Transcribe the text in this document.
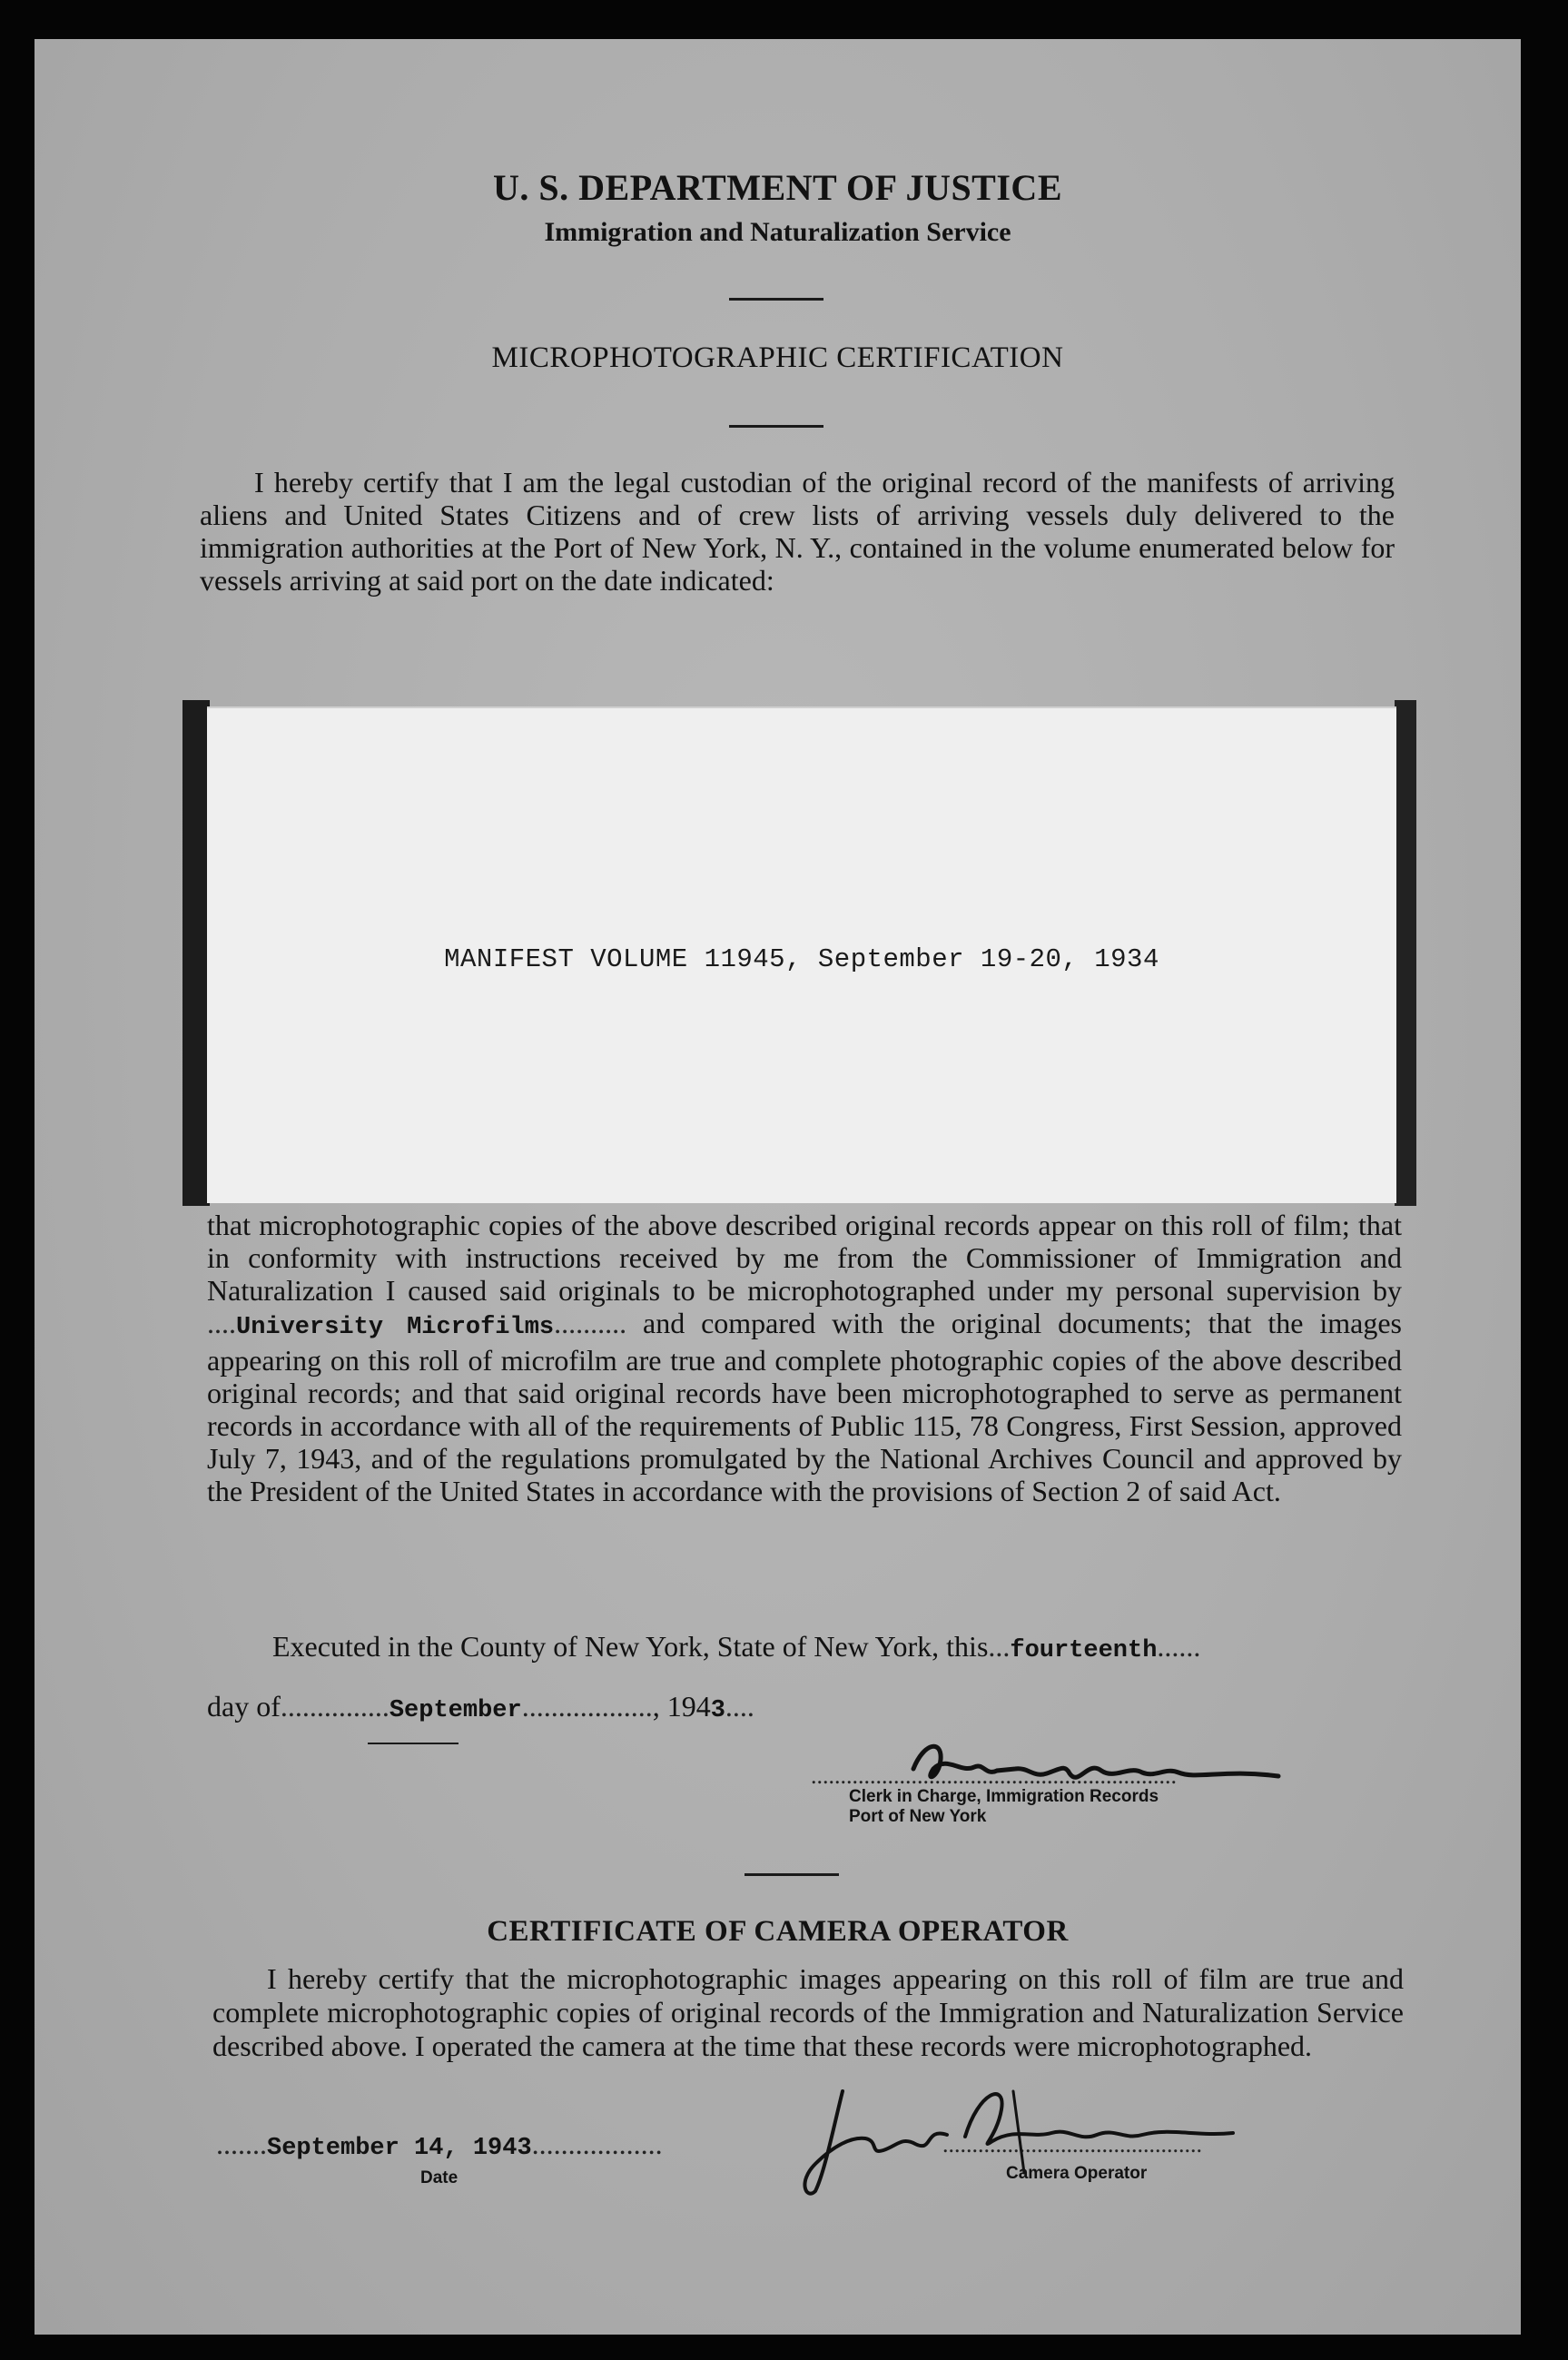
U. S. DEPARTMENT OF JUSTICE
Immigration and Naturalization Service
MICROPHOTOGRAPHIC CERTIFICATION
I hereby certify that I am the legal custodian of the original record of the manifests of arriving aliens and United States Citizens and of crew lists of arriving vessels duly delivered to the immigration authorities at the Port of New York, N. Y., contained in the volume enumerated below for vessels arriving at said port on the date indicated:
MANIFEST VOLUME 11945, September 19-20, 1934
that microphotographic copies of the above described original records appear on this roll of film; that in conformity with instructions received by me from the Commissioner of Immigration and Naturalization I caused said originals to be microphotographed under my personal supervision by ....University Microfilms.......... and compared with the original documents; that the images appearing on this roll of microfilm are true and complete photographic copies of the above described original records; and that said original records have been microphotographed to serve as permanent records in accordance with all of the requirements of Public 115, 78 Congress, First Session, approved July 7, 1943, and of the regulations promulgated by the National Archives Council and approved by the President of the United States in accordance with the provisions of Section 2 of said Act.
Executed in the County of New York, State of New York, this...fourteenth......
day of...............September.................., 1943....
..............................................................
Clerk in Charge, Immigration Records
Port of New York
CERTIFICATE OF CAMERA OPERATOR
I hereby certify that the microphotographic images appearing on this roll of film are true and complete microphotographic copies of original records of the Immigration and Naturalization Service described above. I operated the camera at the time that these records were microphotographed.
.......September 14, 1943..................
Date
............................................
Camera Operator
